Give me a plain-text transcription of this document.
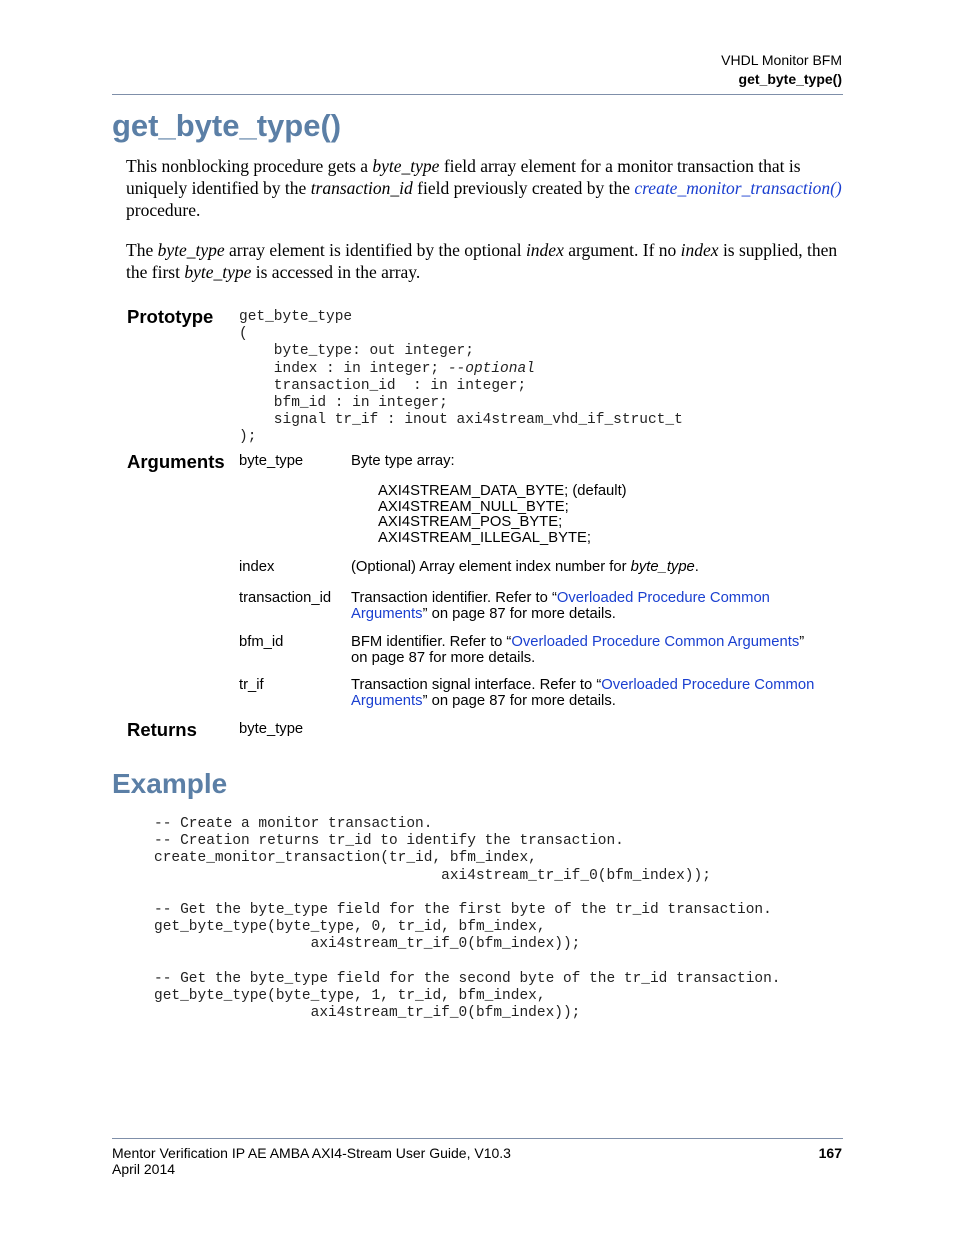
VHDL Monitor BFM
get_byte_type()
get_byte_type()

This nonblocking procedure gets a byte_type field array element for a monitor transaction that is uniquely identified by the transaction_id field previously created by the create_monitor_transaction() procedure.

The byte_type array element is identified by the optional index argument. If no index is supplied, then the first byte_type is accessed in the array.

Prototype get_byte_type
(
byte_type: out integer;
index : in integer; --optional
transaction_id  : in integer;
bfm_id : in integer;
signal tr_if : inout axi4stream_vhd_if_struct_t
);
Arguments byte_type	Byte type array:
AXI4STREAM_DATA_BYTE; (default)
AXI4STREAM_NULL_BYTE;
AXI4STREAM_POS_BYTE;
AXI4STREAM_ILLEGAL_BYTE;
index	(Optional) Array element index number for byte_type.
transaction_id Transaction identifier. Refer to “Overloaded Procedure Common
Arguments” on page 87 for more details.
bfm_id	BFM identifier. Refer to “Overloaded Procedure Common Arguments”
on page 87 for more details.
tr_if	Transaction signal interface. Refer to “Overloaded Procedure Common
Arguments” on page 87 for more details.
Returns	byte_type
Example
-- Create a monitor transaction.
-- Creation returns tr_id to identify the transaction.
create_monitor_transaction(tr_id, bfm_index,
axi4stream_tr_if_0(bfm_index));

-- Get the byte_type field for the first byte of the tr_id transaction.
get_byte_type(byte_type, 0, tr_id, bfm_index,
axi4stream_tr_if_0(bfm_index));

-- Get the byte_type field for the second byte of the tr_id transaction.
get_byte_type(byte_type, 1, tr_id, bfm_index,
axi4stream_tr_if_0(bfm_index));
Mentor Verification IP AE AMBA AXI4-Stream User Guide, V10.3
April 2014
167
